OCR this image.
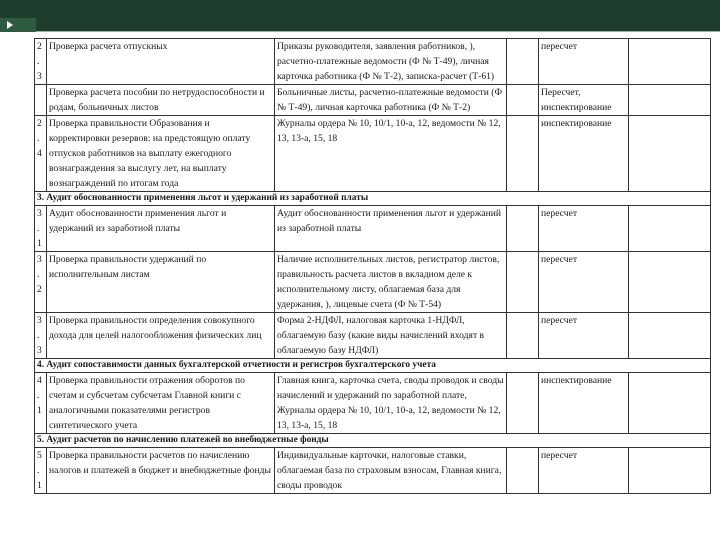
2.
3	Проверка расчета отпускных	Приказы руководителя, заявления работников, ), расчетно-платежные ведомости (Ф № Т-49), личная карточка работника (Ф № Т-2), записка-расчет (Т-61)		пересчет	
	Проверка расчета пособии по нетрудоспособности и родам, больничных листов	Больничные листы, расчетно-платежные ведомости (Ф № Т-49), личная карточка работника (Ф № Т-2)		Пересчет, инспектирование	
2.
4	Проверка правильности Образования и корректировки резервов: на предстоящую оплату отпусков работников на выплату ежегодного вознаграждения за выслугу лет, на выплату вознаграждений по итогам года	Журналы ордера № 10, 10/1, 10-а, 12, ведомости № 12, 13, 13-а, 15, 18		инспектирование	
3. Аудит обоснованности применения льгот и удержаний из заработной платы					
3.
1	Аудит обоснованности применения льгот и удержаний из заработной платы	Аудит обоснованности применения льгот и удержаний из заработной платы		пересчет	
3.
2	Проверка правильности удержаний по исполнительным листам	Наличие исполнительных листов, регистратор листов, правильность расчета листов в вкладном деле к исполнительному листу, облагаемая база для удержания, ), лицевые счета (Ф № Т-54)		пересчет	
3.
3	Проверка правильности определения совокупного дохода для целей налогообложения физических лиц	Форма 2-НДФЛ, налоговая карточка 1-НДФЛ, облагаемую базу (какие виды начислений входят в облагаемую базу НДФЛ)		пересчет	
4. Аудит сопоставимости данных бухгалтерской отчетности и регистров бухгалтерского учета					
4.
1	Проверка правильности отражения оборотов по счетам и субсчетам субсчетам Главной книги с аналогичными показателями регистров синтетического учета	Главная книга, карточка счета, своды проводок и своды начислений и удержаний по заработной плате,
Журналы ордера № 10, 10/1, 10-а, 12, ведомости № 12, 13, 13-а, 15, 18		инспектирование	
5. Аудит расчетов по начислению платежей во внебюджетные фонды					
5.
1	Проверка правильности расчетов по начислению налогов и платежей в бюджет и внебюджетные фонды	Индивидуальные карточки, налоговые ставки, облагаемая база по страховым взносам, Главная книга, своды проводок		пересчет	
